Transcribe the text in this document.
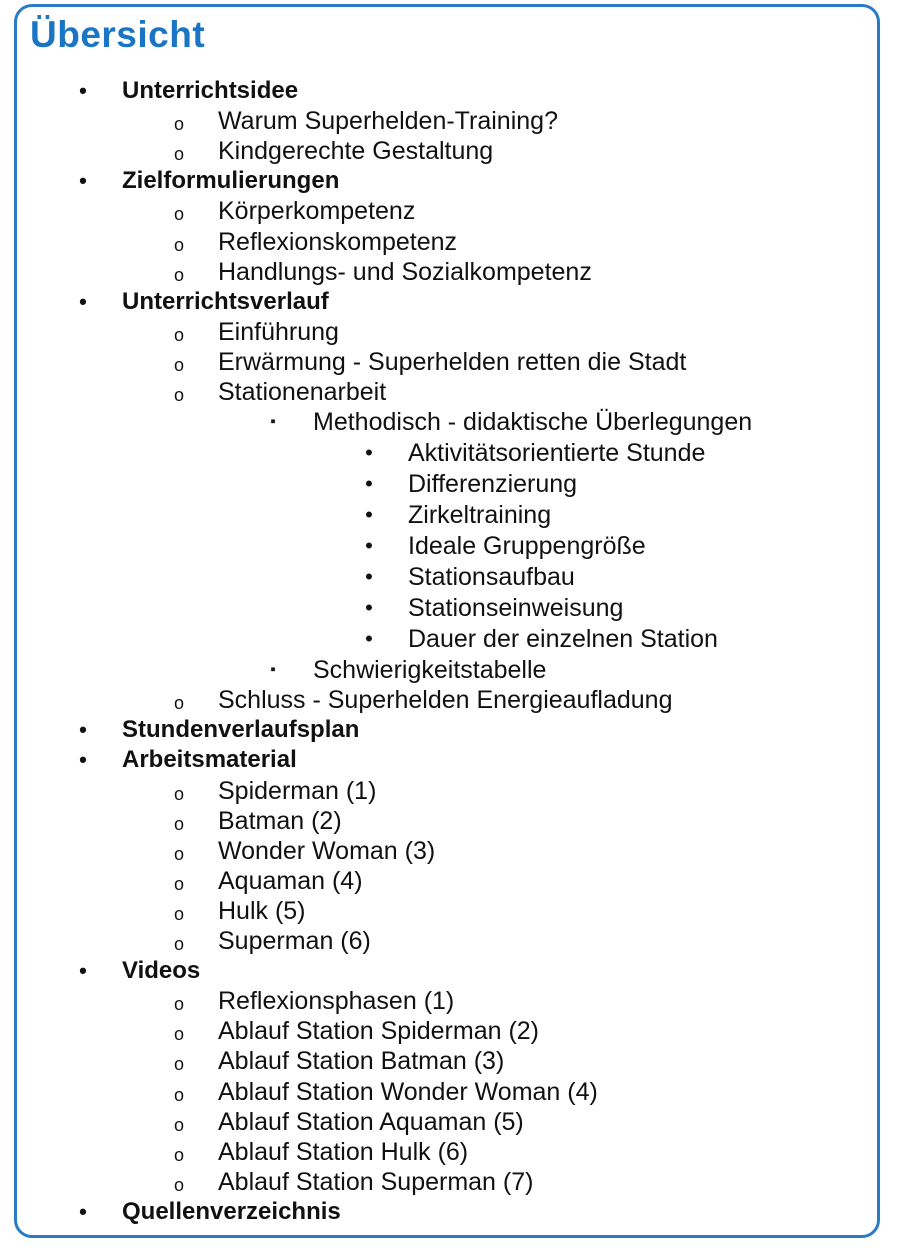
Übersicht
•	Unterrichtsidee
o	Warum Superhelden-Training?
o	Kindgerechte Gestaltung
•	Zielformulierungen
o	Körperkompetenz
o	Reflexionskompetenz
o	Handlungs- und Sozialkompetenz
•	Unterrichtsverlauf
o	Einführung
o	Erwärmung - Superhelden retten die Stadt
o	Stationenarbeit
▪	Methodisch - didaktische Überlegungen
•	Aktivitätsorientierte Stunde
•	Differenzierung
•	Zirkeltraining
•	Ideale Gruppengröße
•	Stationsaufbau
•	Stationseinweisung
•	Dauer der einzelnen Station
▪	Schwierigkeitstabelle
o	Schluss - Superhelden Energieaufladung
•	Stundenverlaufsplan
•	Arbeitsmaterial
o	Spiderman (1)
o	Batman (2)
o	Wonder Woman (3)
o	Aquaman (4)
o	Hulk (5)
o	Superman (6)
•	Videos
o	Reflexionsphasen (1)
o	Ablauf Station Spiderman (2)
o	Ablauf Station Batman (3)
o	Ablauf Station Wonder Woman (4)
o	Ablauf Station Aquaman (5)
o	Ablauf Station Hulk (6)
o	Ablauf Station Superman (7)
•	Quellenverzeichnis
